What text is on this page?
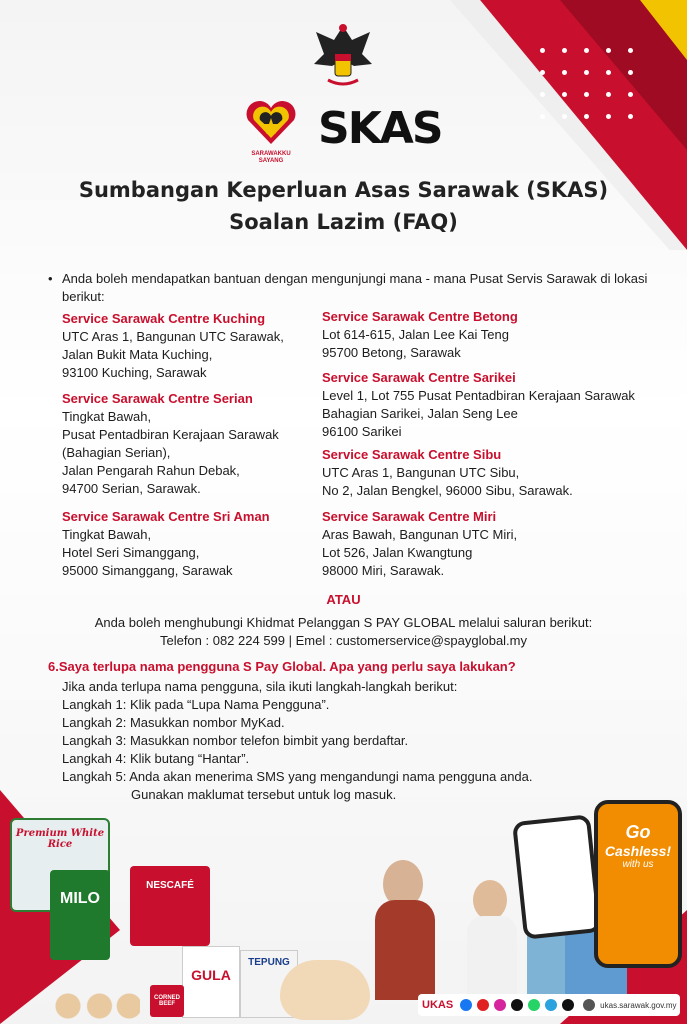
SARAWAKKU SAYANG
SKAS
Sumbangan Keperluan Asas Sarawak (SKAS)
Soalan Lazim (FAQ)
• Anda boleh mendapatkan bantuan dengan mengunjungi mana - mana Pusat Servis Sarawak di lokasi berikut:
Service Sarawak Centre Kuching
UTC Aras 1, Bangunan UTC Sarawak,
Jalan Bukit Mata Kuching,
93100 Kuching, Sarawak
Service Sarawak Centre Serian
Tingkat Bawah,
Pusat Pentadbiran Kerajaan Sarawak
(Bahagian Serian),
Jalan Pengarah Rahun Debak,
94700 Serian, Sarawak.
Service Sarawak Centre Sri Aman
Tingkat Bawah,
Hotel Seri Simanggang,
95000 Simanggang, Sarawak
Service Sarawak Centre Betong
Lot 614-615, Jalan Lee Kai Teng
95700 Betong, Sarawak
Service Sarawak Centre Sarikei
Level 1, Lot 755 Pusat Pentadbiran Kerajaan Sarawak
Bahagian Sarikei, Jalan Seng Lee
96100 Sarikei
Service Sarawak Centre Sibu
UTC Aras 1, Bangunan UTC Sibu,
No 2, Jalan Bengkel, 96000 Sibu, Sarawak.
Service Sarawak Centre Miri
Aras Bawah, Bangunan UTC Miri,
Lot 526, Jalan Kwangtung
98000 Miri, Sarawak.
ATAU
Anda boleh menghubungi Khidmat Pelanggan S PAY GLOBAL melalui saluran berikut:
Telefon : 082 224 599 | Emel : customerservice@spayglobal.my
6.Saya terlupa nama pengguna S Pay Global. Apa yang perlu saya lakukan?
Jika anda terlupa nama pengguna, sila ikuti langkah-langkah berikut:
Langkah 1: Klik pada “Lupa Nama Pengguna”.
Langkah 2: Masukkan nombor MyKad.
Langkah 3: Masukkan nombor telefon bimbit yang berdaftar.
Langkah 4: Klik butang “Hantar”.
Langkah 5: Anda akan menerima SMS yang mengandungi nama pengguna anda.
Gunakan maklumat tersebut untuk log masuk.
Premium White Rice
MILO
NESCAFÉ
GULA
TEPUNG
CORNED BEEF
Go
Cashless!
with us
UKAS	ukas.sarawak.gov.my
